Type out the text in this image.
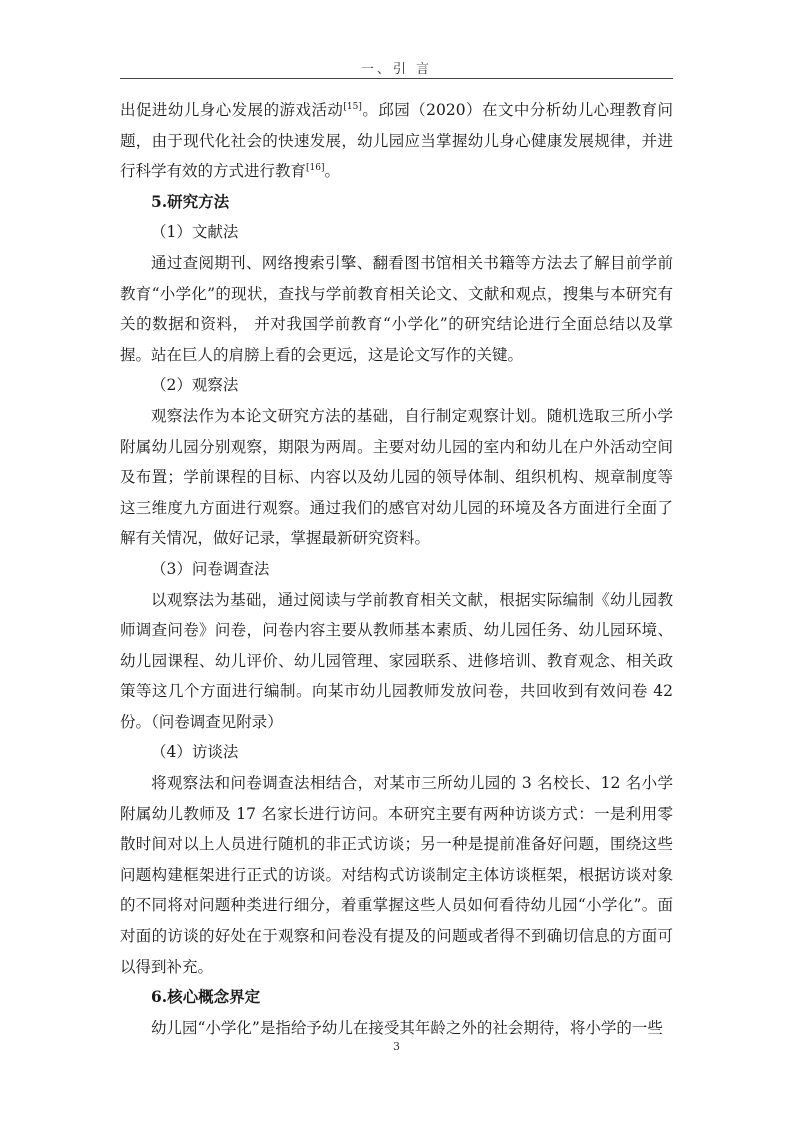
一、引 言

出促进幼儿身心发展的游戏活动[15]。邱园（2020）在文中分析幼儿心理教育问题，由于现代化社会的快速发展，幼儿园应当掌握幼儿身心健康发展规律，并进行科学有效的方式进行教育[16]。

5.研究方法

（1）文献法

通过查阅期刊、网络搜索引擎、翻看图书馆相关书籍等方法去了解目前学前教育“小学化”的现状，查找与学前教育相关论文、文献和观点，搜集与本研究有关的数据和资料， 并对我国学前教育“小学化”的研究结论进行全面总结以及掌握。站在巨人的肩膀上看的会更远，这是论文写作的关键。

（2）观察法

观察法作为本论文研究方法的基础，自行制定观察计划。随机选取三所小学附属幼儿园分别观察，期限为两周。主要对幼儿园的室内和幼儿在户外活动空间及布置；学前课程的目标、内容以及幼儿园的领导体制、组织机构、规章制度等这三维度九方面进行观察。通过我们的感官对幼儿园的环境及各方面进行全面了解有关情况，做好记录，掌握最新研究资料。

（3）问卷调查法

以观察法为基础，通过阅读与学前教育相关文献，根据实际编制《幼儿园教师调查问卷》问卷，问卷内容主要从教师基本素质、幼儿园任务、幼儿园环境、幼儿园课程、幼儿评价、幼儿园管理、家园联系、进修培训、教育观念、相关政策等这几个方面进行编制。向某市幼儿园教师发放问卷，共回收到有效问卷 42 份。（问卷调查见附录）

（4）访谈法

将观察法和问卷调查法相结合，对某市三所幼儿园的 3 名校长、12 名小学附属幼儿教师及 17 名家长进行访问。本研究主要有两种访谈方式：一是利用零散时间对以上人员进行随机的非正式访谈；另一种是提前准备好问题，围绕这些问题构建框架进行正式的访谈。对结构式访谈制定主体访谈框架，根据访谈对象的不同将对问题种类进行细分，着重掌握这些人员如何看待幼儿园“小学化”。面对面的访谈的好处在于观察和问卷没有提及的问题或者得不到确切信息的方面可以得到补充。

6.核心概念界定

幼儿园“小学化”是指给予幼儿在接受其年龄之外的社会期待，将小学的一些

3
